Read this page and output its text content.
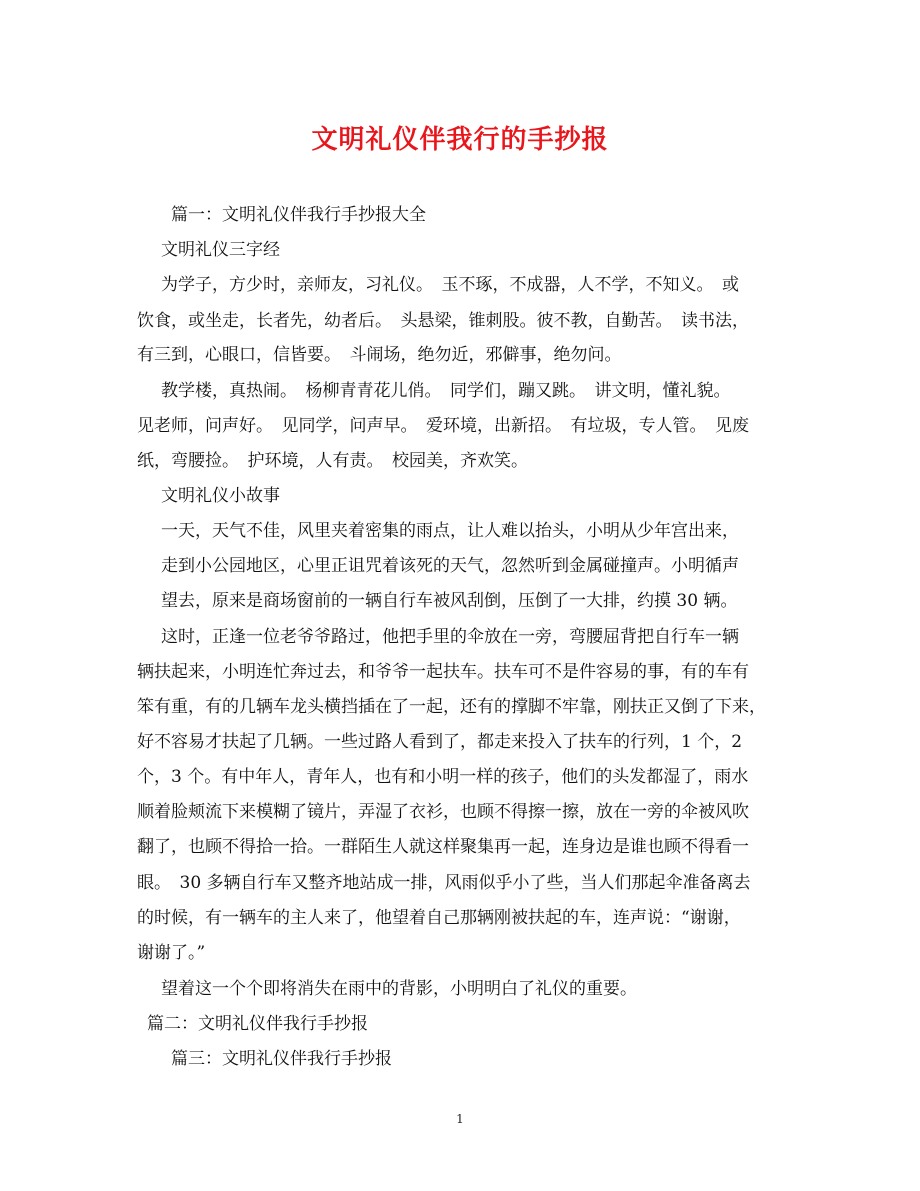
文明礼仪伴我行的手抄报
篇一：文明礼仪伴我行手抄报大全
文明礼仪三字经
为学子，方少时，亲师友，习礼仪。　玉不琢，不成器，人不学，不知义。　或
饮食，或坐走，长者先，幼者后。　头悬梁，锥刺股。彼不教，自勤苦。　读书法，
有三到，心眼口，信皆要。　斗闹场，绝勿近，邪僻事，绝勿问。
教学楼，真热闹。　杨柳青青花儿俏。　同学们，蹦又跳。　讲文明，懂礼貌。
见老师，问声好。　见同学，问声早。　爱环境，出新招。　有垃圾，专人管。　见废
纸，弯腰捡。　护环境，人有责。　校园美，齐欢笑。
文明礼仪小故事
一天，天气不佳，风里夹着密集的雨点，让人难以抬头，小明从少年宫出来，
走到小公园地区，心里正诅咒着该死的天气，忽然听到金属碰撞声。小明循声
望去，原来是商场窗前的一辆自行车被风刮倒，压倒了一大排，约摸 30 辆。
这时，正逢一位老爷爷路过，他把手里的伞放在一旁，弯腰屈背把自行车一辆
辆扶起来，小明连忙奔过去，和爷爷一起扶车。扶车可不是件容易的事，有的车有
笨有重，有的几辆车龙头横挡插在了一起，还有的撑脚不牢靠，刚扶正又倒了下来，
好不容易才扶起了几辆。一些过路人看到了，都走来投入了扶车的行列，1 个，2
个，3 个。有中年人，青年人，也有和小明一样的孩子，他们的头发都湿了，雨水
顺着脸颊流下来模糊了镜片，弄湿了衣衫，也顾不得擦一擦，放在一旁的伞被风吹
翻了，也顾不得拾一拾。一群陌生人就这样聚集再一起，连身边是谁也顾不得看一
眼。　30 多辆自行车又整齐地站成一排，风雨似乎小了些，当人们那起伞准备离去
的时候，有一辆车的主人来了，他望着自己那辆刚被扶起的车，连声说：“谢谢，
谢谢了。”
望着这一个个即将消失在雨中的背影，小明明白了礼仪的重要。
篇二：文明礼仪伴我行手抄报
篇三：文明礼仪伴我行手抄报
1
